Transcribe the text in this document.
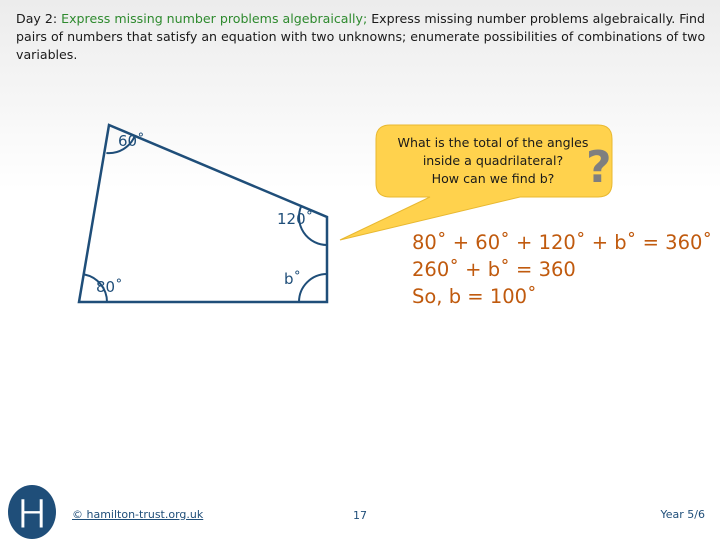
Day 2: Express missing number problems algebraically; Express missing number problems algebraically. Find pairs of numbers that satisfy an equation with two unknowns; enumerate possibilities of combinations of two variables.
60˚
120˚
80˚	b˚
What is the total of the angles
inside a quadrilateral?
How can we find b? ?
80˚ + 60˚ + 120˚ + b˚ = 360˚
260˚ + b˚ = 360
So, b = 100˚
H © hamilton-trust.org.uk	17	Year 5/6
